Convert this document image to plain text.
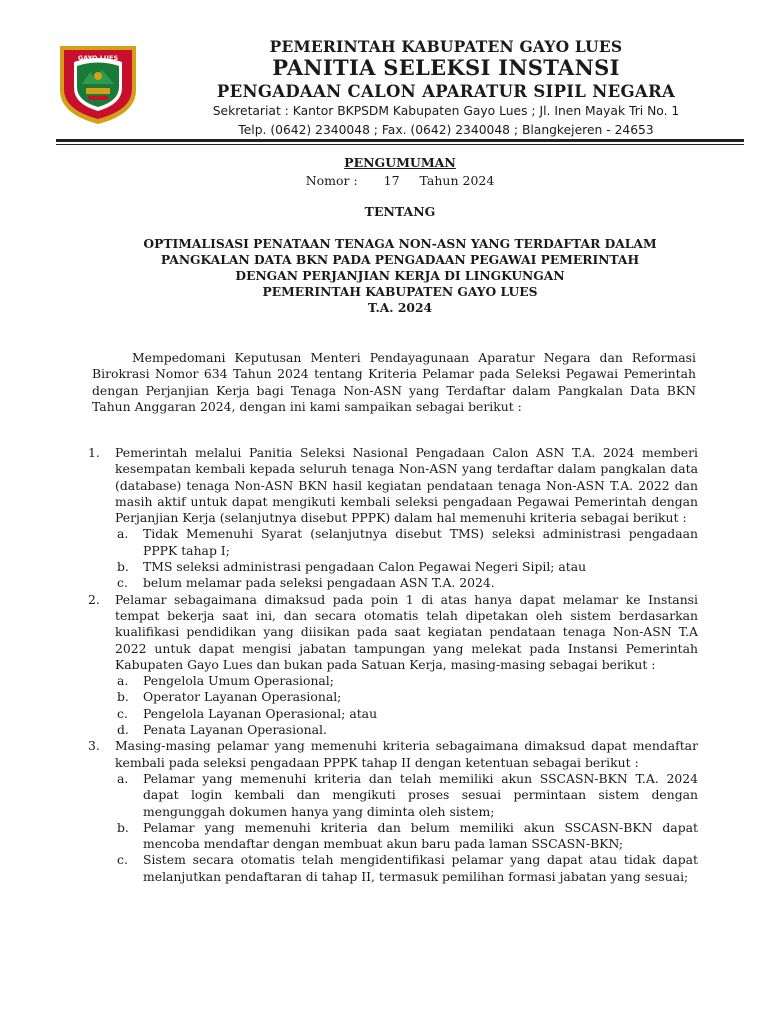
GAYO LUES
PEMERINTAH KABUPATEN GAYO LUES
PANITIA SELEKSI INSTANSI
PENGADAAN CALON APARATUR SIPIL NEGARA
Sekretariat : Kantor BKPSDM Kabupaten Gayo Lues ; Jl. Inen Mayak Tri No. 1
Telp. (0642) 2340048 ; Fax. (0642) 2340048 ; Blangkejeren - 24653
PENGUMUMAN
Nomor : 17 Tahun 2024
TENTANG
OPTIMALISASI PENATAAN TENAGA NON-ASN YANG TERDAFTAR DALAM
PANGKALAN DATA BKN PADA PENGADAAN PEGAWAI PEMERINTAH
DENGAN PERJANJIAN KERJA DI LINGKUNGAN
PEMERINTAH KABUPATEN GAYO LUES
T.A. 2024
Mempedomani Keputusan Menteri Pendayagunaan Aparatur Negara dan Reformasi Birokrasi Nomor 634 Tahun 2024 tentang Kriteria Pelamar pada Seleksi Pegawai Pemerintah dengan Perjanjian Kerja bagi Tenaga Non-ASN yang Terdaftar dalam Pangkalan Data BKN Tahun Anggaran 2024, dengan ini kami sampaikan sebagai berikut :
1. Pemerintah melalui Panitia Seleksi Nasional Pengadaan Calon ASN T.A. 2024 memberi kesempatan kembali kepada seluruh tenaga Non-ASN yang terdaftar dalam pangkalan data (database) tenaga Non-ASN BKN hasil kegiatan pendataan tenaga Non-ASN T.A. 2022 dan masih aktif untuk dapat mengikuti kembali seleksi pengadaan Pegawai Pemerintah dengan Perjanjian Kerja (selanjutnya disebut PPPK) dalam hal memenuhi kriteria sebagai berikut :
a. Tidak Memenuhi Syarat (selanjutnya disebut TMS) seleksi administrasi pengadaan PPPK tahap I;
b. TMS seleksi administrasi pengadaan Calon Pegawai Negeri Sipil; atau
c. belum melamar pada seleksi pengadaan ASN T.A. 2024.
2. Pelamar sebagaimana dimaksud pada poin 1 di atas hanya dapat melamar ke Instansi tempat bekerja saat ini, dan secara otomatis telah dipetakan oleh sistem berdasarkan kualifikasi pendidikan yang diisikan pada saat kegiatan pendataan tenaga Non-ASN T.A 2022 untuk dapat mengisi jabatan tampungan yang melekat pada Instansi Pemerintah Kabupaten Gayo Lues dan bukan pada Satuan Kerja, masing-masing sebagai berikut :
a. Pengelola Umum Operasional;
b. Operator Layanan Operasional;
c. Pengelola Layanan Operasional; atau
d. Penata Layanan Operasional.
3. Masing-masing pelamar yang memenuhi kriteria sebagaimana dimaksud dapat mendaftar kembali pada seleksi pengadaan PPPK tahap II dengan ketentuan sebagai berikut :
a. Pelamar yang memenuhi kriteria dan telah memiliki akun SSCASN-BKN T.A. 2024 dapat login kembali dan mengikuti proses sesuai permintaan sistem dengan mengunggah dokumen hanya yang diminta oleh sistem;
b. Pelamar yang memenuhi kriteria dan belum memiliki akun SSCASN-BKN dapat mencoba mendaftar dengan membuat akun baru pada laman SSCASN-BKN;
c. Sistem secara otomatis telah mengidentifikasi pelamar yang dapat atau tidak dapat melanjutkan pendaftaran di tahap II, termasuk pemilihan formasi jabatan yang sesuai;
